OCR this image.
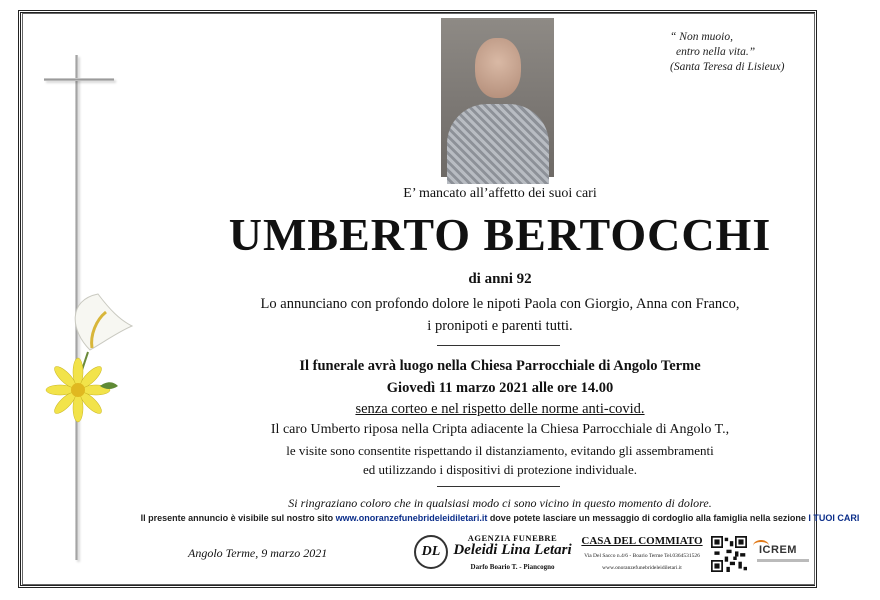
“ Non muoio,
entro nella vita.”
(Santa Teresa di Lisieux)
E’ mancato all’affetto dei suoi cari
UMBERTO BERTOCCHI
di anni 92
Lo annunciano con profondo dolore le nipoti Paola con Giorgio, Anna con Franco,
i pronipoti e parenti tutti.
Il funerale avrà luogo nella Chiesa Parrocchiale di Angolo Terme
Giovedì 11 marzo 2021 alle ore 14.00
senza corteo e nel rispetto delle norme anti-covid.
Il caro Umberto riposa nella Cripta adiacente la Chiesa Parrocchiale di Angolo T.,
le visite sono consentite rispettando il distanziamento, evitando gli assembramenti
ed utilizzando i dispositivi di protezione individuale.
Si ringraziano coloro che in qualsiasi modo ci sono vicino in questo momento di dolore.
Il presente annuncio è visibile sul nostro sito www.onoranzefunebrideleidiletari.it dove potete lasciare un messaggio di cordoglio alla famiglia nella sezione I TUOI CARI
Angolo Terme, 9 marzo 2021	DL
AGENZIA FUNEBRE
Deleidi Lina Letari
Darfo Boario T. - Piancogno
CASA DEL COMMIATO
Via Del Sacco n.4/6 - Boario Terme Tel.0364531526
www.onoranzefunebrideleidiletari.it
ICREM
